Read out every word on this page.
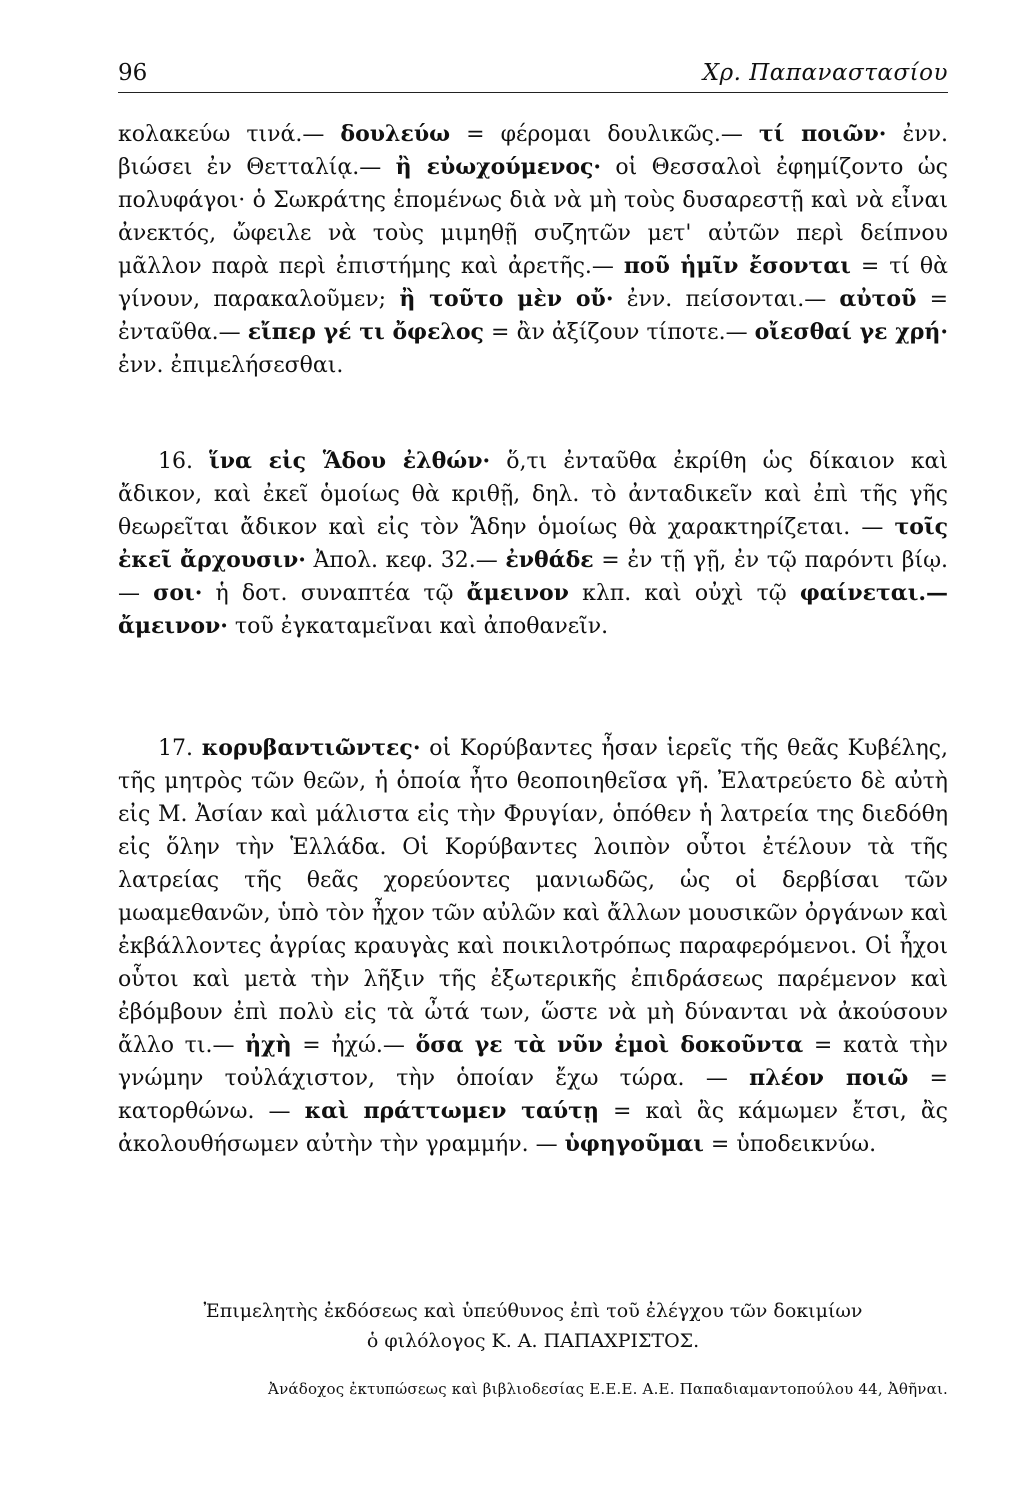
96	Χρ. Παπαναστασίου

κολακεύω τινά.— δουλεύω = φέρομαι δουλικῶς.— τί ποιῶν· ἐνν. βιώσει ἐν Θετταλίᾳ.— ἢ εὐωχούμενος· οἱ Θεσσαλοὶ ἐφημίζοντο ὡς πολυφάγοι· ὁ Σωκράτης ἑπομένως διὰ νὰ μὴ τοὺς δυσαρεστῇ καὶ νὰ εἶναι ἀνεκτός, ὤφειλε νὰ τοὺς μιμηθῇ συζητῶν μετ' αὐτῶν περὶ δείπνου μᾶλλον παρὰ περὶ ἐπιστήμης καὶ ἀρετῆς.— ποῦ ἡμῖν ἔσονται = τί θὰ γίνουν, παρακαλοῦμεν; ἢ τοῦτο μὲν οὔ· ἐνν. πείσονται.— αὐτοῦ = ἐνταῦθα.— εἴπερ γέ τι ὄφελος = ἂν ἀξίζουν τίποτε.— οἴεσθαί γε χρή· ἐνν. ἐπιμελήσεσθαι.

16. ἵνα εἰς Ἅδου ἐλθών· ὅ,τι ἐνταῦθα ἐκρίθη ὡς δίκαιον καὶ ἄδικον, καὶ ἐκεῖ ὁμοίως θὰ κριθῇ, δηλ. τὸ ἀνταδικεῖν καὶ ἐπὶ τῆς γῆς θεωρεῖται ἄδικον καὶ εἰς τὸν Ἅδην ὁμοίως θὰ χαρακτηρίζεται. — τοῖς ἐκεῖ ἄρχουσιν· Ἀπολ. κεφ. 32.— ἐνθάδε = ἐν τῇ γῇ, ἐν τῷ παρόντι βίῳ.— σοι· ἡ δοτ. συναπτέα τῷ ἄμεινον κλπ. καὶ οὐχὶ τῷ φαίνεται.—ἄμεινον· τοῦ ἐγκαταμεῖναι καὶ ἀποθανεῖν.

17. κορυβαντιῶντες· οἱ Κορύβαντες ἦσαν ἱερεῖς τῆς θεᾶς Κυβέλης, τῆς μητρὸς τῶν θεῶν, ἡ ὁποία ἦτο θεοποιηθεῖσα γῆ. Ἐλατρεύετο δὲ αὐτὴ εἰς Μ. Ἀσίαν καὶ μάλιστα εἰς τὴν Φρυγίαν, ὁπόθεν ἡ λατρεία της διεδόθη εἰς ὅλην τὴν Ἑλλάδα. Οἱ Κορύβαντες λοιπὸν οὗτοι ἐτέλουν τὰ τῆς λατρείας τῆς θεᾶς χορεύοντες μανιωδῶς, ὡς οἱ δερβίσαι τῶν μωαμεθανῶν, ὑπὸ τὸν ἦχον τῶν αὐλῶν καὶ ἄλλων μουσικῶν ὀργάνων καὶ ἐκβάλλοντες ἀγρίας κραυγὰς καὶ ποικιλοτρόπως παραφερόμενοι. Οἱ ἦχοι οὗτοι καὶ μετὰ τὴν λῆξιν τῆς ἐξωτερικῆς ἐπιδράσεως παρέμενον καὶ ἐβόμβουν ἐπὶ πολὺ εἰς τὰ ὦτά των, ὥστε νὰ μὴ δύνανται νὰ ἀκούσουν ἄλλο τι.— ἠχὴ = ἠχώ.— ὅσα γε τὰ νῦν ἐμοὶ δοκοῦντα = κατὰ τὴν γνώμην τοὐλάχιστον, τὴν ὁποίαν ἔχω τώρα. — πλέον ποιῶ = κατορθώνω. — καὶ πράττωμεν ταύτῃ = καὶ ἂς κάμωμεν ἔτσι, ἂς ἀκολουθήσωμεν αὐτὴν τὴν γραμμήν. — ὑφηγοῦμαι = ὑποδεικνύω.

Ἐπιμελητὴς ἐκδόσεως καὶ ὑπεύθυνος ἐπὶ τοῦ ἐλέγχου τῶν δοκιμίων
ὁ φιλόλογος Κ. Α. ΠΑΠΑΧΡΙΣΤΟΣ.
Ἀνάδοχος ἐκτυπώσεως καὶ βιβλιοδεσίας Ε.Ε.Ε. Α.Ε. Παπαδιαμαντοπούλου 44, Ἀθῆναι.
